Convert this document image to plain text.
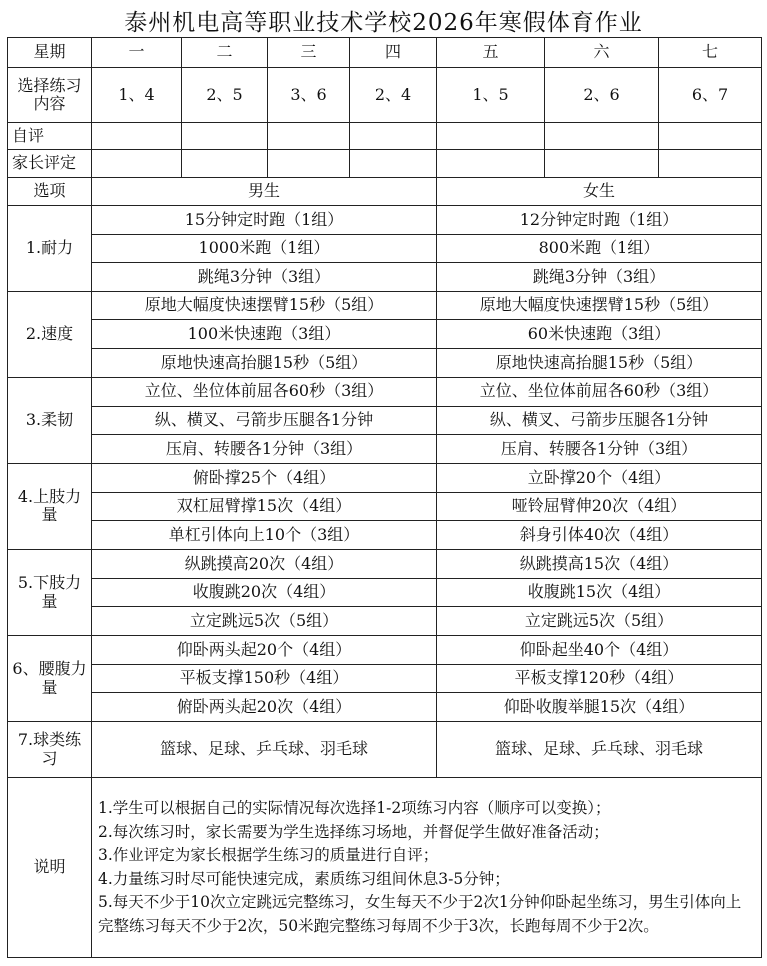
泰州机电高等职业技术学校2026年寒假体育作业
星期	一	二	三	四	五	六	七
选择练习内容	1、4	2、5	3、6	2、4	1、5	2、6	6、7
自评							
家长评定							
选项	男生				女生		
1.耐力	15分钟定时跑（1组）				12分钟定时跑（1组）		
	1000米跑（1组）				800米跑（1组）		
	跳绳3分钟（3组）				跳绳3分钟（3组）		
2.速度	原地大幅度快速摆臂15秒（5组）				原地大幅度快速摆臂15秒（5组）		
	100米快速跑（3组）				60米快速跑（3组）		
	原地快速高抬腿15秒（5组）				原地快速高抬腿15秒（5组）		
3.柔韧	立位、坐位体前屈各60秒（3组）				立位、坐位体前屈各60秒（3组）		
	纵、横叉、弓箭步压腿各1分钟				纵、横叉、弓箭步压腿各1分钟		
	压肩、转腰各1分钟（3组）				压肩、转腰各1分钟（3组）		
4.上肢力量	俯卧撑25个（4组）				立卧撑20个（4组）		
	双杠屈臂撑15次（4组）				哑铃屈臂伸20次（4组）		
	单杠引体向上10个（3组）				斜身引体40次（4组）		
5.下肢力量	纵跳摸高20次（4组）				纵跳摸高15次（4组）		
	收腹跳20次（4组）				收腹跳15次（4组）		
	立定跳远5次（5组）				立定跳远5次（5组）		
6、腰腹力量	仰卧两头起20个（4组）				仰卧起坐40个（4组）		
	平板支撑150秒（4组）				平板支撑120秒（4组）		
	俯卧两头起20次（4组）				仰卧收腹举腿15次（4组）		
7.球类练习	篮球、足球、乒乓球、羽毛球				篮球、足球、乒乓球、羽毛球		
说明	1.学生可以根据自己的实际情况每次选择1-2项练习内容（顺序可以变换）；
2.每次练习时，家长需要为学生选择练习场地，并督促学生做好准备活动；
3.作业评定为家长根据学生练习的质量进行自评；
4.力量练习时尽可能快速完成，素质练习组间休息3-5分钟；
5.每天不少于10次立定跳远完整练习，女生每天不少于2次1分钟仰卧起坐练习，男生引体向上完整练习每天不少于2次，50米跑完整练习每周不少于3次，长跑每周不少于2次。						
